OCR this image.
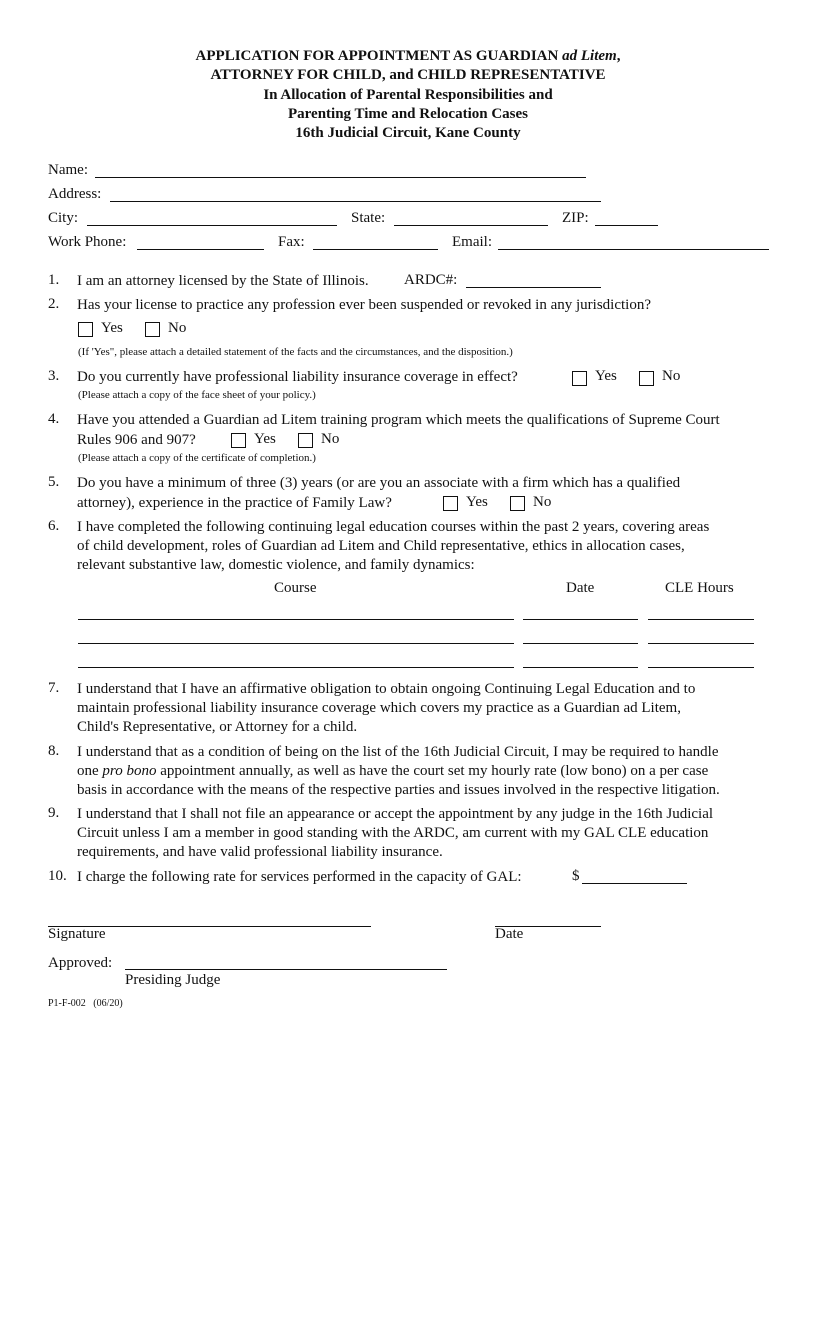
APPLICATION FOR APPOINTMENT AS GUARDIAN ad Litem,
ATTORNEY FOR CHILD, and CHILD REPRESENTATIVE
In Allocation of Parental Responsibilities and
Parenting Time and Relocation Cases
16th Judicial Circuit, Kane County
Name:
Address:
City:	State:	ZIP:
Work Phone:	Fax:	Email:
1. I am an attorney licensed by the State of Illinois. ARDC#:
2. Has your license to practice any profession ever been suspended or revoked in any jurisdiction?
Yes	No
(If 'Yes", please attach a detailed statement of the facts and the circumstances, and the disposition.)
3. Do you currently have professional liability insurance coverage in effect?	Yes	No
(Please attach a copy of the face sheet of your policy.)
4. Have you attended a Guardian ad Litem training program which meets the qualifications of Supreme Court
Rules 906 and 907?	Yes	No
(Please attach a copy of the certificate of completion.)
5. Do you have a minimum of three (3) years (or are you an associate with a firm which has a qualified
attorney), experience in the practice of Family Law?	Yes	No
6. I have completed the following continuing legal education courses within the past 2 years, covering areas
of child development, roles of Guardian ad Litem and Child representative, ethics in allocation cases,
relevant substantive law, domestic violence, and family dynamics:
Course	Date	CLE Hours
7. I understand that I have an affirmative obligation to obtain ongoing Continuing Legal Education and to
maintain professional liability insurance coverage which covers my practice as a Guardian ad Litem,
Child's Representative, or Attorney for a child.
8. I understand that as a condition of being on the list of the 16th Judicial Circuit, I may be required to handle
one pro bono appointment annually, as well as have the court set my hourly rate (low bono) on a per case
basis in accordance with the means of the respective parties and issues involved in the respective litigation.
9. I understand that I shall not file an appearance or accept the appointment by any judge in the 16th Judicial
Circuit unless I am a member in good standing with the ARDC, am current with my GAL CLE education
requirements, and have valid professional liability insurance.
10. I charge the following rate for services performed in the capacity of GAL:	$
Signature	Date
Approved:
Presiding Judge
P1-F-002   (06/20)
